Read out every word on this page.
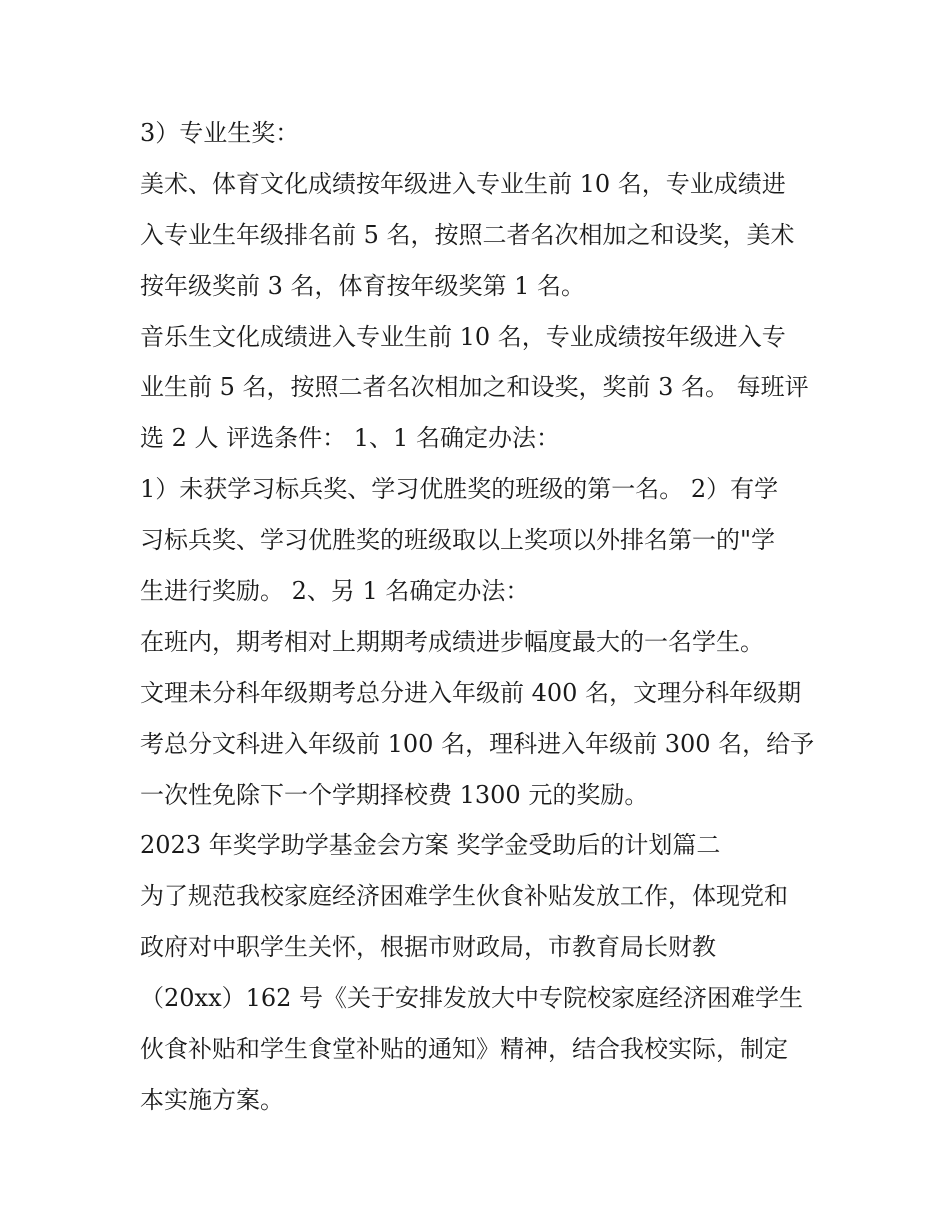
3）专业生奖：
美术、体育文化成绩按年级进入专业生前 10 名，专业成绩进
入专业生年级排名前 5 名，按照二者名次相加之和设奖，美术
按年级奖前 3 名，体育按年级奖第 1 名。
音乐生文化成绩进入专业生前 10 名，专业成绩按年级进入专
业生前 5 名，按照二者名次相加之和设奖，奖前 3 名。 每班评
选 2 人 评选条件： 1、1 名确定办法：
1）未获学习标兵奖、学习优胜奖的班级的第一名。 2）有学
习标兵奖、学习优胜奖的班级取以上奖项以外排名第一的"学
生进行奖励。 2、另 1 名确定办法：
在班内，期考相对上期期考成绩进步幅度最大的一名学生。
文理未分科年级期考总分进入年级前 400 名，文理分科年级期
考总分文科进入年级前 100 名，理科进入年级前 300 名，给予
一次性免除下一个学期择校费 1300 元的奖励。
2023 年奖学助学基金会方案 奖学金受助后的计划篇二
为了规范我校家庭经济困难学生伙食补贴发放工作，体现党和
政府对中职学生关怀，根据市财政局，市教育局长财教
（20xx）162 号《关于安排发放大中专院校家庭经济困难学生
伙食补贴和学生食堂补贴的通知》精神，结合我校实际，制定
本实施方案。
